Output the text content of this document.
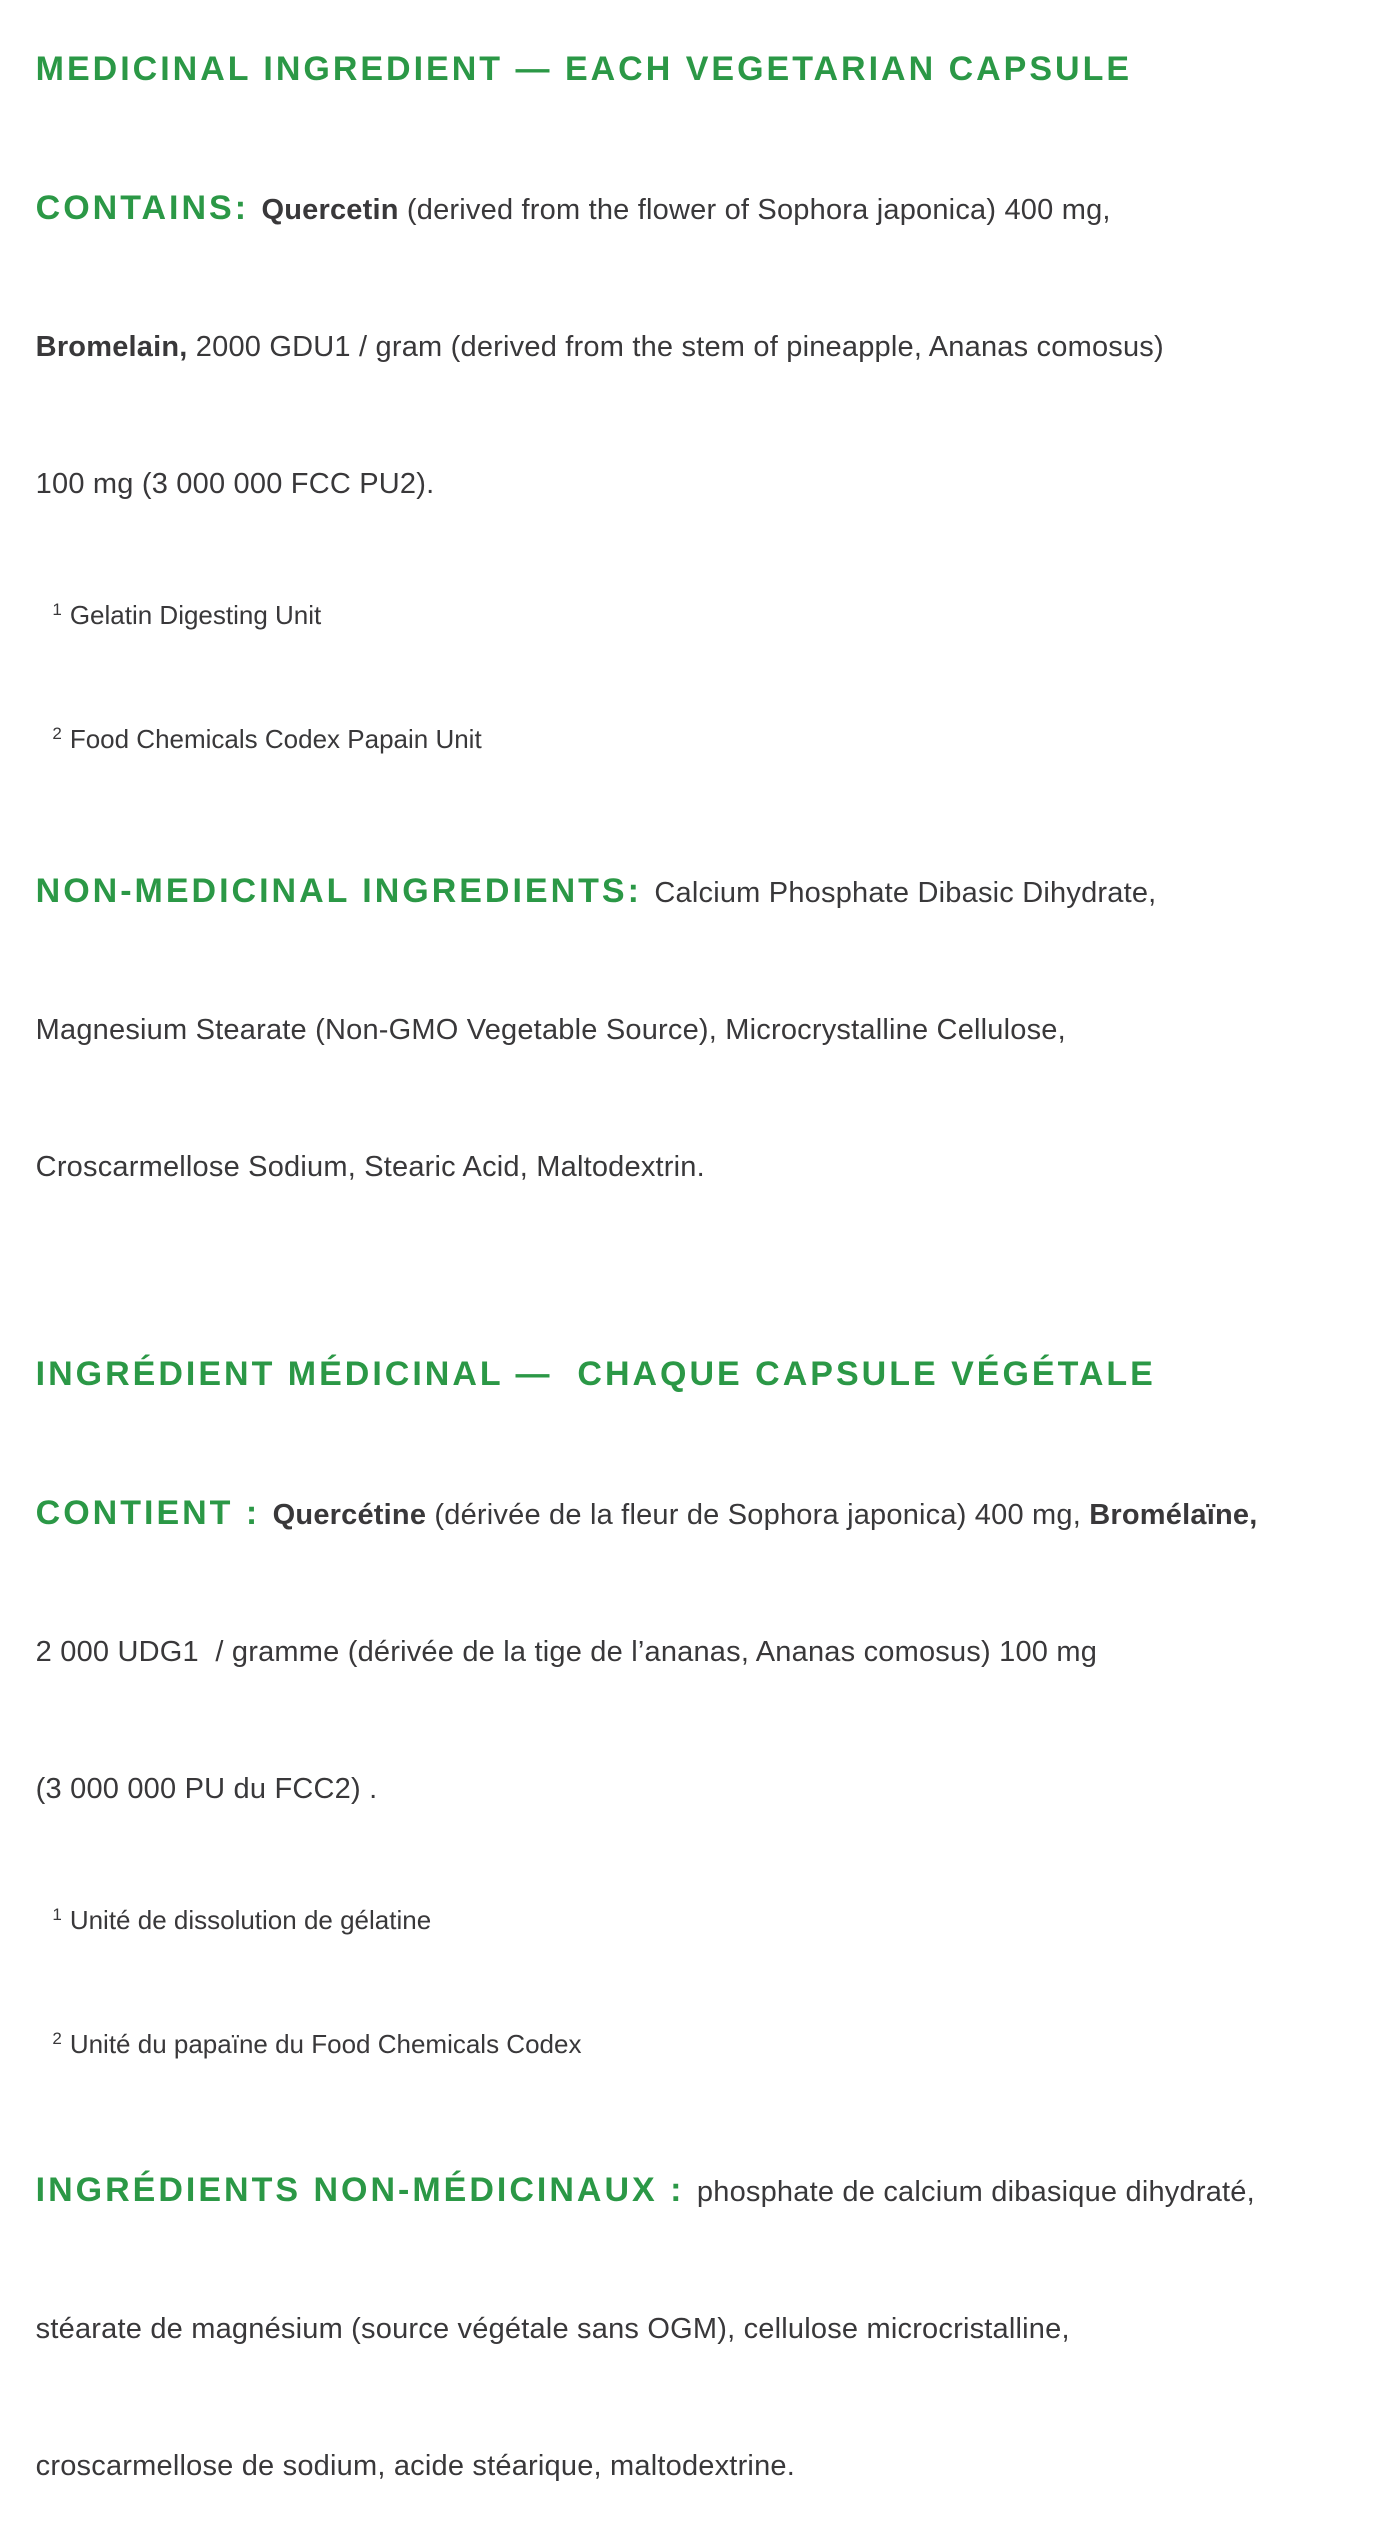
MEDICINAL INGREDIENT — EACH VEGETARIAN CAPSULE

CONTAINS: Quercetin (derived from the flower of Sophora japonica) 400 mg,

Bromelain, 2000 GDU1 / gram (derived from the stem of pineapple, Ananas comosus)

100 mg (3 000 000 FCC PU2).

1 Gelatin Digesting Unit

2 Food Chemicals Codex Papain Unit

NON-MEDICINAL INGREDIENTS: Calcium Phosphate Dibasic Dihydrate,

Magnesium Stearate (Non-GMO Vegetable Source), Microcrystalline Cellulose,

Croscarmellose Sodium, Stearic Acid, Maltodextrin.

INGRÉDIENT MÉDICINAL —  CHAQUE CAPSULE VÉGÉTALE

CONTIENT : Quercétine (dérivée de la fleur de Sophora japonica) 400 mg, Bromélaïne,

2 000 UDG1  / gramme (dérivée de la tige de l’ananas, Ananas comosus) 100 mg

(3 000 000 PU du FCC2) .

1 Unité de dissolution de gélatine

2 Unité du papaïne du Food Chemicals Codex

INGRÉDIENTS NON-MÉDICINAUX : phosphate de calcium dibasique dihydraté,

stéarate de magnésium (source végétale sans OGM), cellulose microcristalline,

croscarmellose de sodium, acide stéarique, maltodextrine.
